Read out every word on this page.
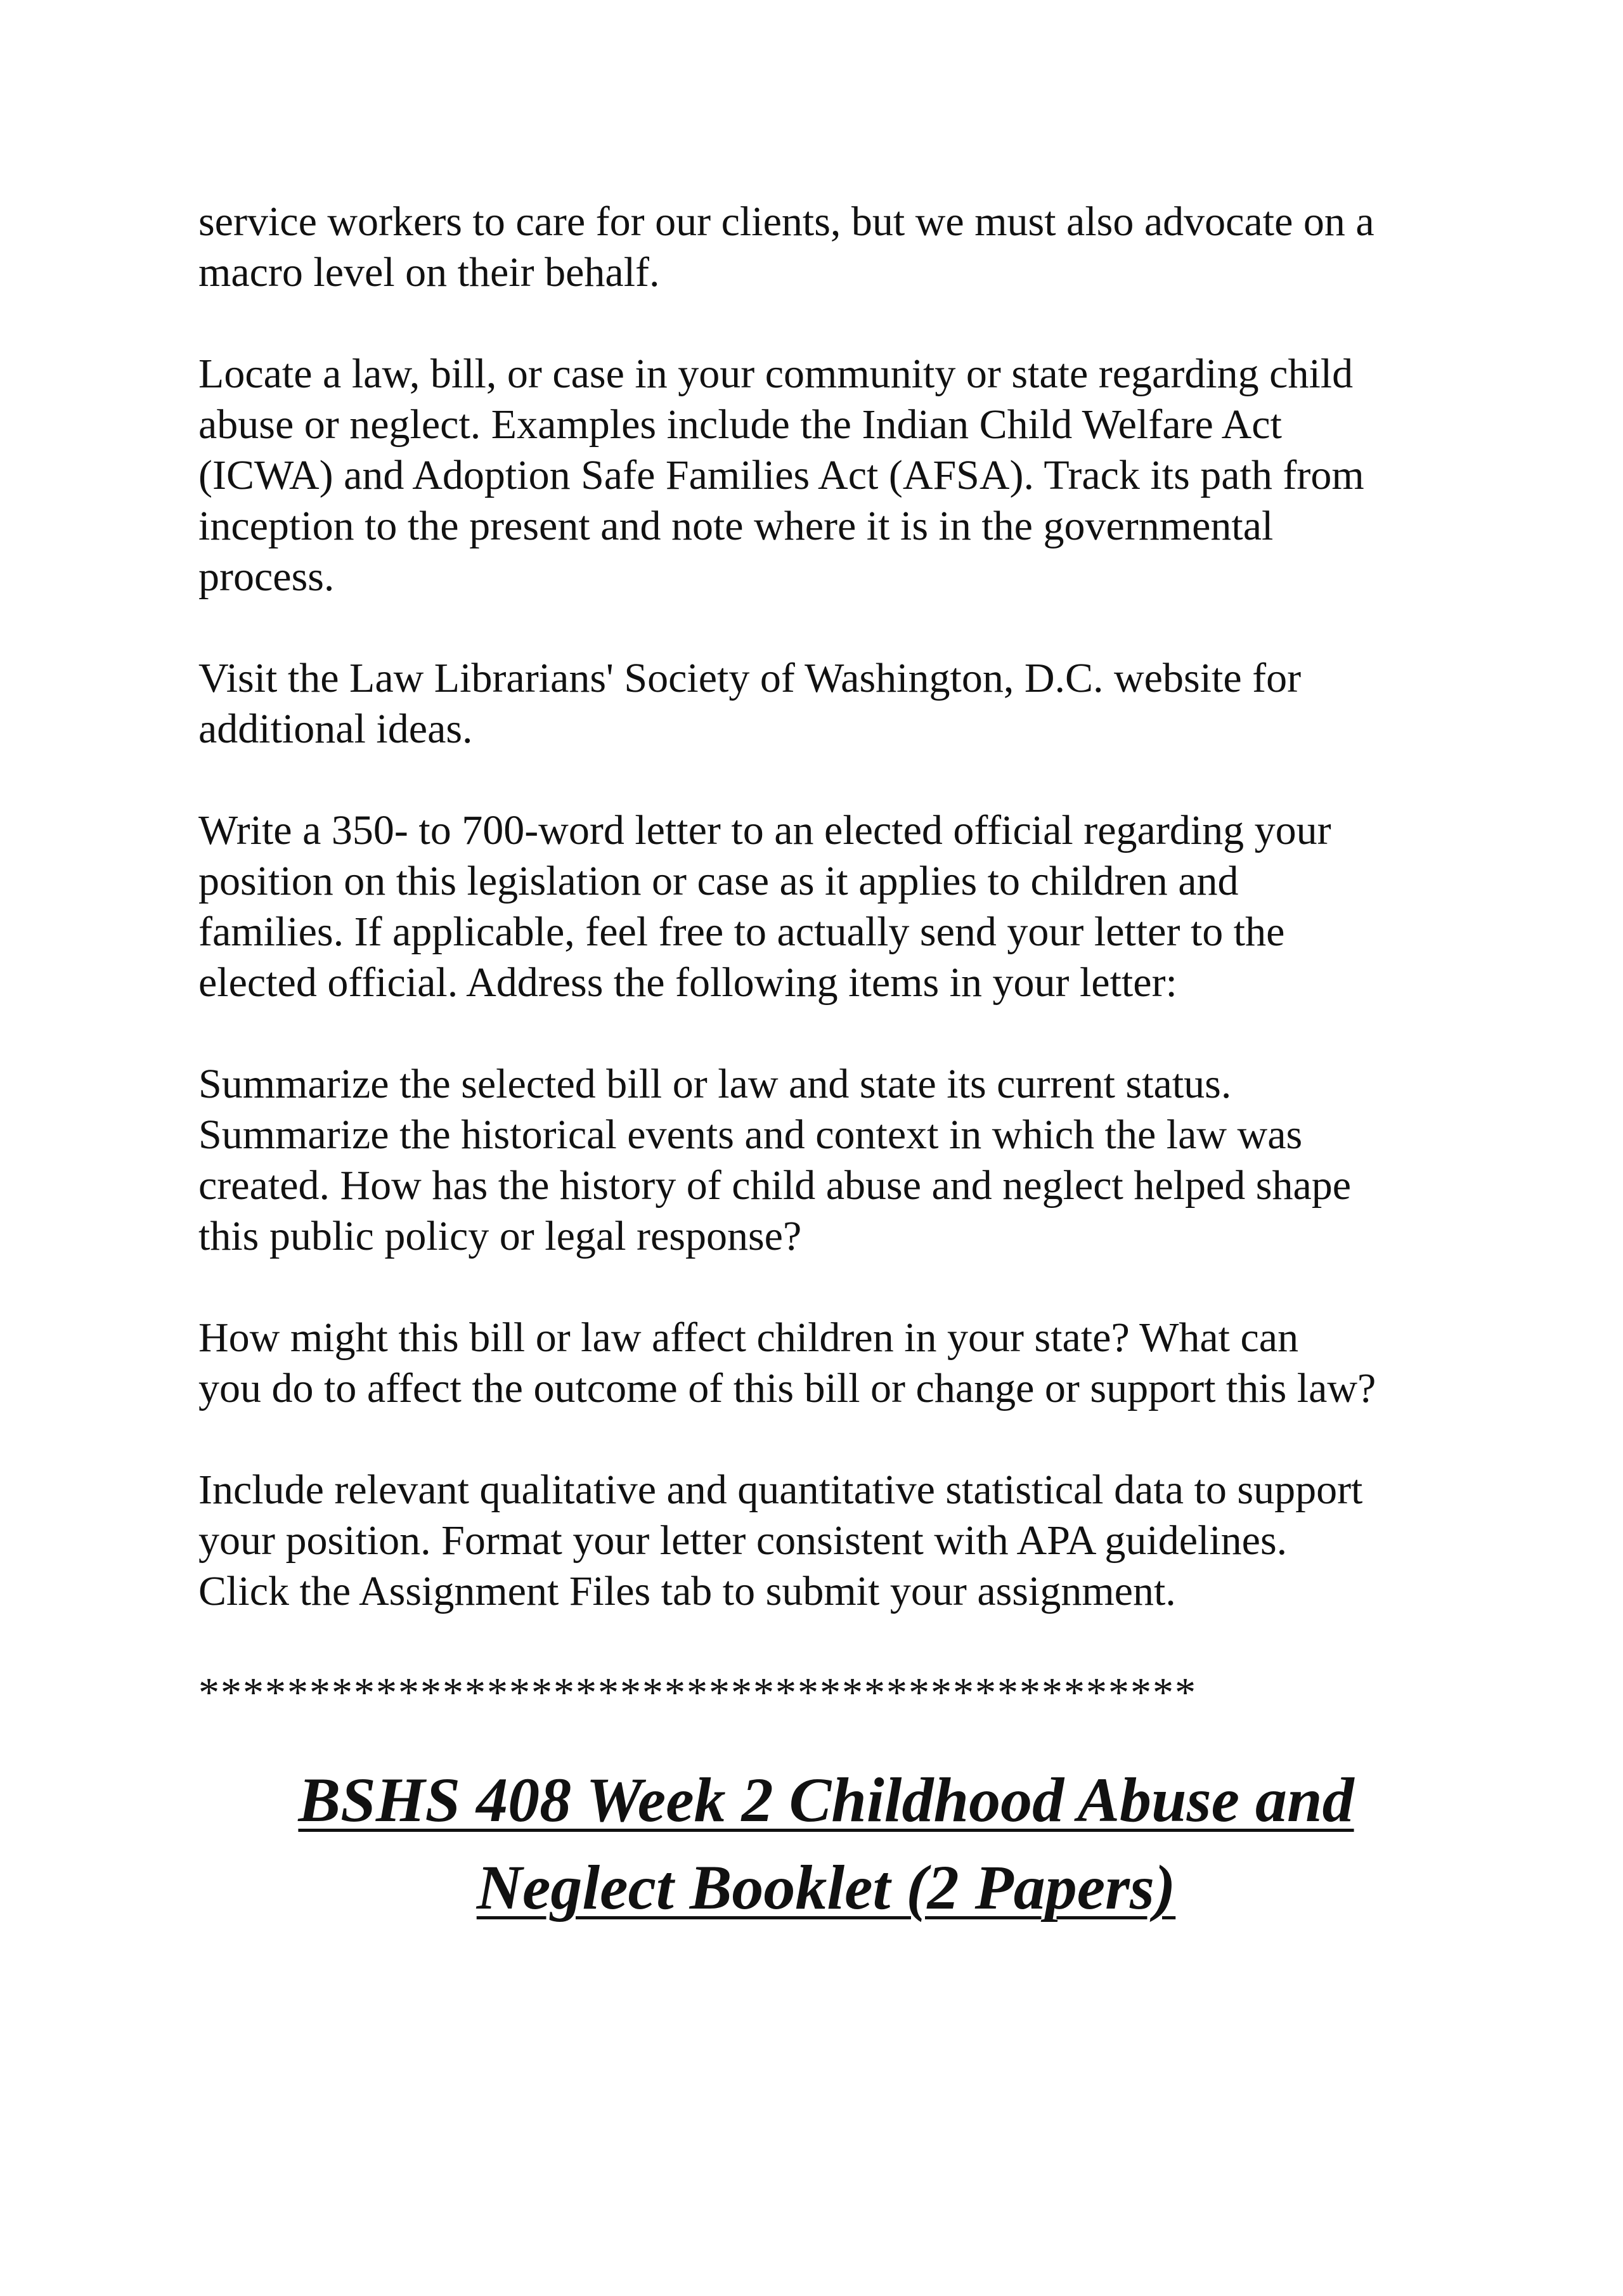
service workers to care for our clients, but we must also advocate on a
macro level on their behalf.

Locate a law, bill, or case in your community or state regarding child
abuse or neglect. Examples include the Indian Child Welfare Act
(ICWA) and Adoption Safe Families Act (AFSA). Track its path from
inception to the present and note where it is in the governmental
process.

Visit the Law Librarians' Society of Washington, D.C. website for
additional ideas.

Write a 350- to 700-word letter to an elected official regarding your
position on this legislation or case as it applies to children and
families. If applicable, feel free to actually send your letter to the
elected official. Address the following items in your letter:

Summarize the selected bill or law and state its current status.
Summarize the historical events and context in which the law was
created. How has the history of child abuse and neglect helped shape
this public policy or legal response?

How might this bill or law affect children in your state? What can
you do to affect the outcome of this bill or change or support this law?

Include relevant qualitative and quantitative statistical data to support
your position. Format your letter consistent with APA guidelines.
Click the Assignment Files tab to submit your assignment.

*********************************************

BSHS 408 Week 2 Childhood Abuse and
Neglect Booklet (2 Papers)
